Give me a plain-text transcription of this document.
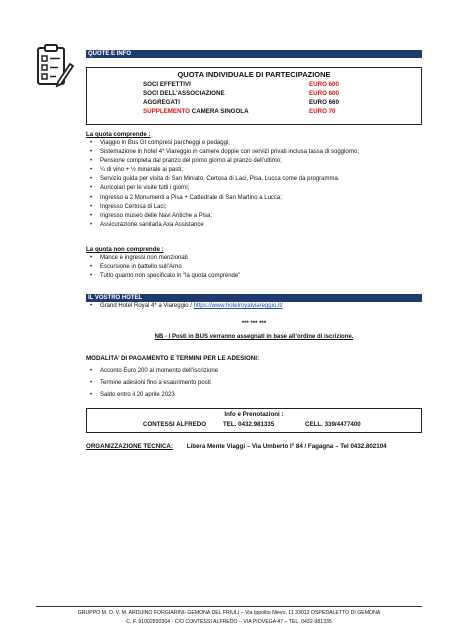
QUOTE E INFO
QUOTA INDIVIDUALE DI PARTECIPAZIONE
SOCI EFFETTIVI	EURO 600
SOCI DELL'ASSOCIAZIONE	EURO 600
AGGREGATI	EURO 660
SUPPLEMENTO CAMERA SINGOLA	EURO 70
La quota comprende :
• Viaggio in Bus Gt compresi parcheggi e pedaggi;
• Sistemazione in hotel 4* Viareggio in camere doppie con servizi privati inclusa tassa di soggiorno;
• Pensione completa dal pranzo del primo giorno al pranzo dell’ultimo;
• ¼ di vino + ½ minerale ai pasti;
• Servizio guida per visita di San Miniato, Certosa di Laci, Pisa, Lucca come da programma.
• Auricolari per le visite tutti i giorni;
• Ingresso a 2 Monumenti a Pisa + Cattedrale di San Martino a Lucca;
• Ingresso Certosa di Laci;
• Ingresso museo delle Navi Antiche a Pisa;
• Assicurazione sanitaria Axa Assistance
La quota non comprende :
• Mance e ingressi non menzionati
• Escursione in battello sull’Arno
• Tutto quanto non specificato in “la quota comprende”
IL VOSTRO HOTEL
• Grand Hotel Royal 4* a Viareggio / https://www.hotelroyalviareggio.it/
*** *** ***
NB - I Posti in BUS verranno assegnati in base all’ordine di iscrizione.
MODALITA’ DI PAGAMENTO E TERMINI PER LE ADESIONI:
• Acconto Euro 200 al momento dell’iscrizione
• Termine adesioni fino a esaurimento posti
• Saldo entro il 20 aprile 2023
Info e Prenotazioni :
CONTESSI ALFREDO	TEL. 0432.981335	CELL. 339/4477400
ORGANIZZAZIONE TECNICA: Libera Mente Viaggi – Via Umberto I° 84 / Fagagna – Tel 0432.802104
GRUPPO M. O. V. M. ARDUINO FORGIARINI- GEMONA DEL FRIULI – Via Ippolito Nievo, 11 33013 OSPEDALETTO DI GEMONA
C. F. 91002830304 - C/O CONTESSI ALFREDO – VIA PIOVEGA 47 – TEL. 0432-981335
